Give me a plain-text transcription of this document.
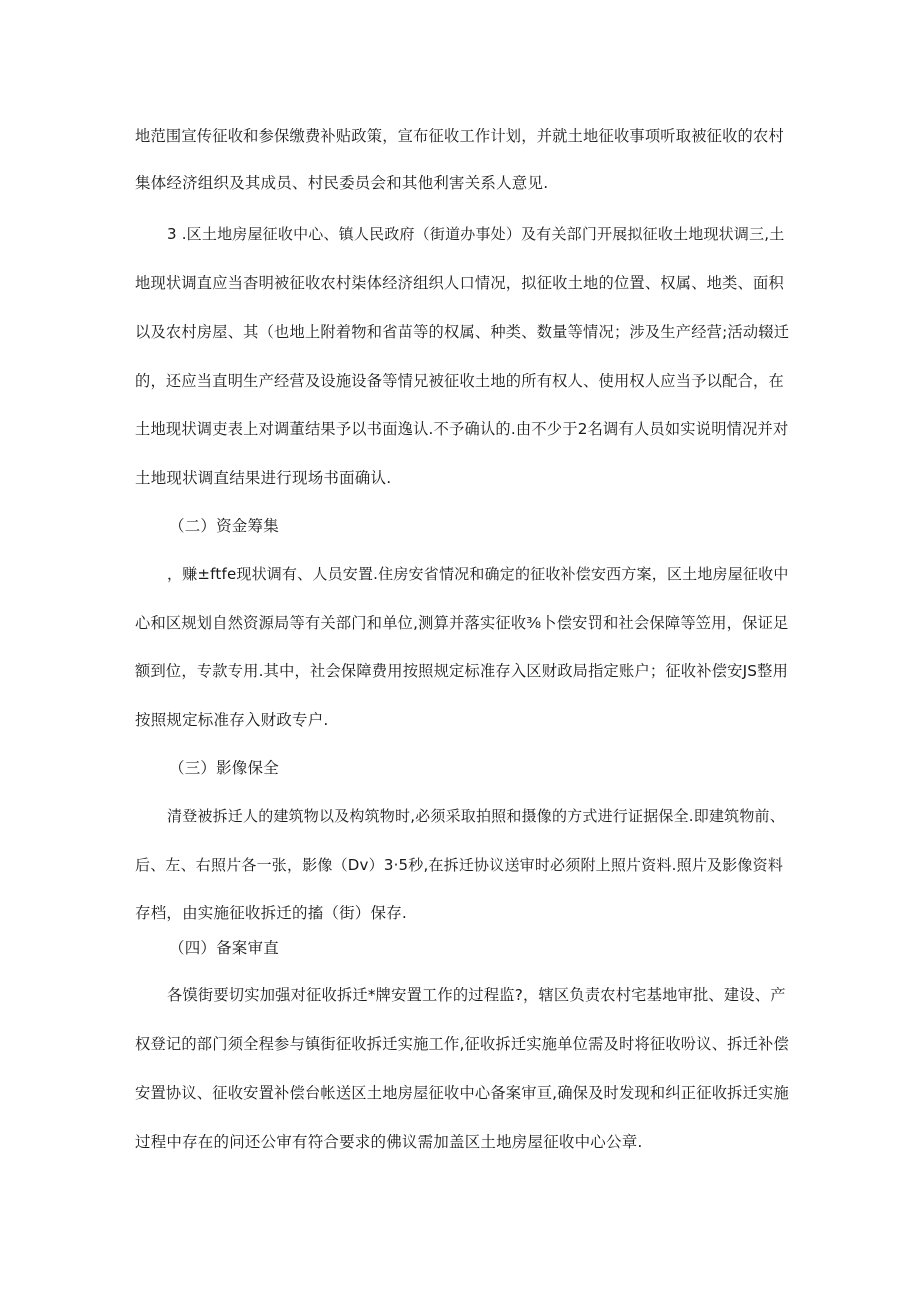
地范围宣传征收和参保缴费补贴政策，宣布征收工作计划，并就土地征收事项听取被征收的农村
集体经济组织及其成员、村民委员会和其他利害关系人意见.
3 .区土地房屋征收中心、镇人民政府（街道办事处）及有关部门开展拟征收土地现状调三,土
地现状调直应当杳明被征收农村柒体经济组织人口情况，拟征收土地的位置、权属、地类、面积
以及农村房屋、其（也地上附着物和省苗等的权属、种类、数量等情况；涉及生产经营;活动辍迁
的，还应当直明生产经营及设施设备等情兄被征收土地的所有权人、使用权人应当予以配合，在
土地现状调吏表上对调董结果予以书面逸认.不予确认的.由不少于2名调有人员如实说明情况并对
土地现状调直结果进行现场书面确认.
（二）资金筹集
，赚±ftfe现状调有、人员安置.住房安省情况和确定的征收补偿安西方案，区土地房屋征收中
心和区规划自然资源局等有关部门和单位,测算并落实征收⅜卜偿安罚和社会保障等笠用，保证足
额到位，专款专用.其中，社会保障费用按照规定标准存入区财政局指定账户；征收补偿安JS整用
按照规定标准存入财政专户.
（三）影像保全
清登被拆迁人的建筑物以及构筑物时,必须采取拍照和摄像的方式进行证据保全.即建筑物前、
后、左、右照片各一张，影像（Dv）3·5秒,在拆迁协议送审时必须附上照片资料.照片及影像资料
存档，由实施征收拆迁的搐（街）保存.
（四）备案审直
各馍街要切实加强对征收拆迁*牌安置工作的过程监?，辖区负责农村宅基地审批、建设、产
权登记的部门须全程参与镇街征收拆迁实施工作,征收拆迁实施单位需及时将征收吩议、拆迁补偿
安置协议、征收安置补偿台帐送区土地房屋征收中心备案审亘,确保及时发现和纠正征收拆迁实施
过程中存在的问还公审有符合要求的佛议需加盖区土地房屋征收中心公章.
